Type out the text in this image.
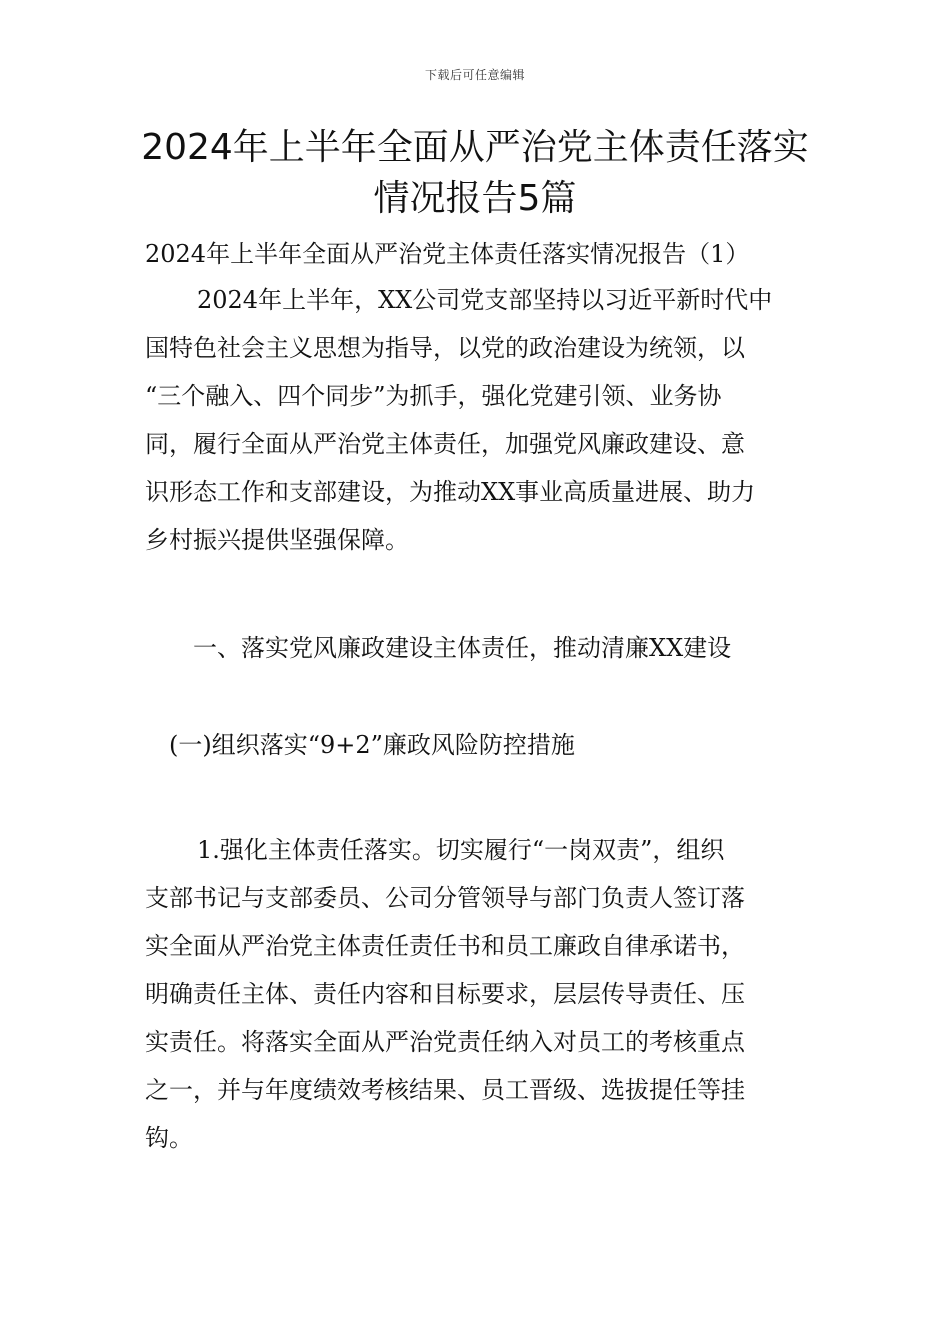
下载后可任意编辑
2024年上半年全面从严治党主体责任落实
情况报告5篇
2024年上半年全面从严治党主体责任落实情况报告（1）
2024年上半年，XX公司党支部坚持以习近平新时代中
国特色社会主义思想为指导，以党的政治建设为统领，以
“三个融入、四个同步”为抓手，强化党建引领、业务协
同，履行全面从严治党主体责任，加强党风廉政建设、意
识形态工作和支部建设，为推动XX事业高质量进展、助力
乡村振兴提供坚强保障。
一、落实党风廉政建设主体责任，推动清廉XX建设
(一)组织落实“9+2”廉政风险防控措施
1.强化主体责任落实。切实履行“一岗双责”，组织
支部书记与支部委员、公司分管领导与部门负责人签订落
实全面从严治党主体责任责任书和员工廉政自律承诺书，
明确责任主体、责任内容和目标要求，层层传导责任、压
实责任。将落实全面从严治党责任纳入对员工的考核重点
之一，并与年度绩效考核结果、员工晋级、选拔提任等挂
钩。
